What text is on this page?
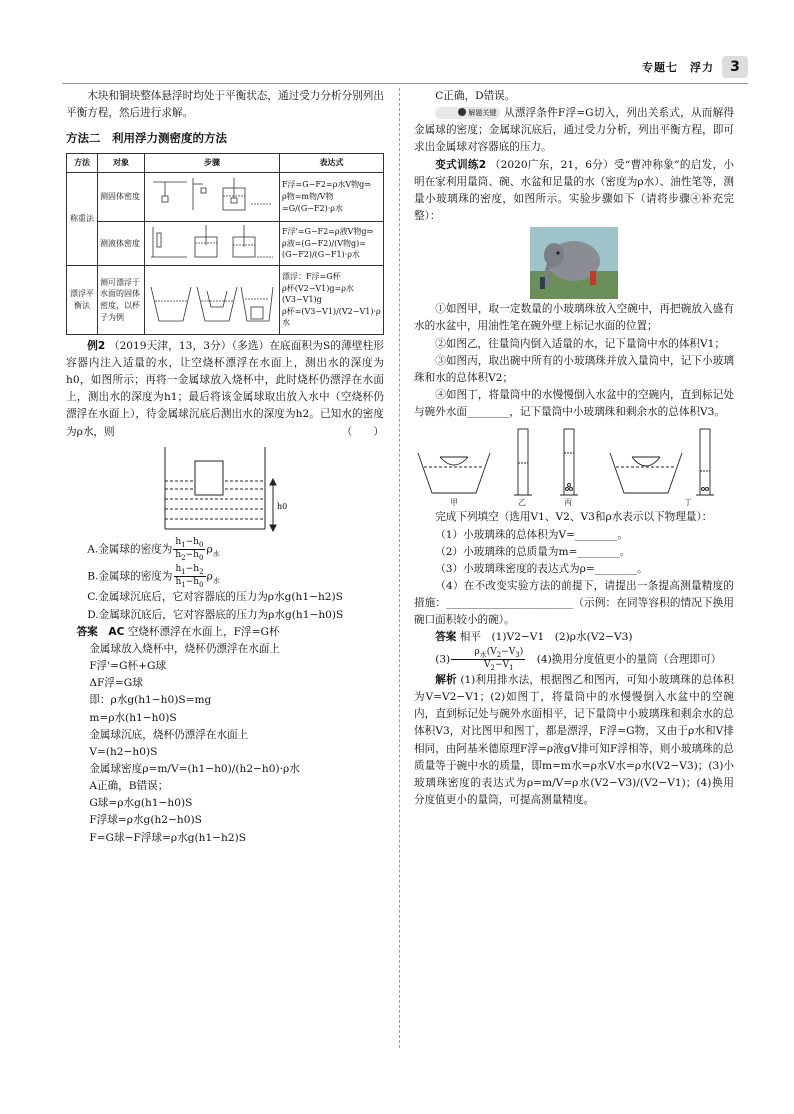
专题七　浮力	3

木块和铜块整体悬浮时均处于平衡状态，通过受力分析分别列出平衡方程，然后进行求解。

方法二　利用浮力测密度的方法
方法	对象	步骤	表达式
称重法	测固体密度		F浮=G−F2=ρ水V物g⇒
ρ物=m物/V物=G/(G−F2)·ρ水

	测液体密度		F浮'=G−F2=ρ液V物g⇒
ρ液=(G−F2)/(V物g)=(G−F2)/(G−F1)·ρ水

漂浮平衡法	测可漂浮于水面的固体密度，以杯子为例		漂浮：F浮=G杯
ρ杯(V2−V1)g=ρ水(V3−V1)g
ρ杯=(V3−V1)/(V2−V1)·ρ水

例2 （2019天津，13，3分）（多选）在底面积为S的薄壁柱形容器内注入适量的水，让空烧杯漂浮在水面上，测出水的深度为h0，如图所示；再将一金属球放入烧杯中，此时烧杯仍漂浮在水面上，测出水的深度为h1；最后将该金属球取出放入水中（空烧杯仍漂浮在水面上），待金属球沉底后测出水的深度为h2。已知水的密度为ρ水，则	（　　）

h0
A.金属球的密度为 $\frac{h_1-h_0}{h_2-h_0} \rho_水$
B.金属球的密度为 $\frac{h_1-h_2}{h_1-h_0} \rho_水$

C.金属球沉底后，它对容器底的压力为ρ水g(h1−h2)S

D.金属球沉底后，它对容器底的压力为ρ水g(h1−h0)S

答案　AC 空烧杯漂浮在水面上，F浮=G杯
金属球放入烧杯中，烧杯仍漂浮在水面上
F浮'=G杯+G球
ΔF浮=G球
即：ρ水g(h1−h0)S=mg
m=ρ水(h1−h0)S
金属球沉底，烧杯仍漂浮在水面上
V=(h2−h0)S
金属球密度ρ=m/V=(h1−h0)/(h2−h0)·ρ水
A正确，B错误；
G球=ρ水g(h1−h0)S
F浮球=ρ水g(h2−h0)S
F=G球−F浮球=ρ水g(h1−h2)S

C正确，D错误。

解题关键 从漂浮条件F浮=G切入，列出关系式，从而解得金属球的密度；金属球沉底后，通过受力分析，列出平衡方程，即可求出金属球对容器底的压力。

变式训练2 （2020广东，21，6分）受“曹冲称象”的启发，小明在家利用量筒、碗、水盆和足量的水（密度为ρ水）、油性笔等，测量小玻璃珠的密度，如图所示。实验步骤如下（请将步骤④补充完整）：

①如图甲，取一定数量的小玻璃珠放入空碗中，再把碗放入盛有水的水盆中，用油性笔在碗外壁上标记水面的位置；

②如图乙，往量筒内倒入适量的水，记下量筒中水的体积V1；

③如图丙，取出碗中所有的小玻璃珠并放入量筒中，记下小玻璃珠和水的总体积V2；

④如图丁，将量筒中的水慢慢倒入水盆中的空碗内，直到标记处与碗外水面________，记下量筒中小玻璃珠和剩余水的总体积V3。

甲	乙	丙	丁

完成下列填空（选用V1、V2、V3和ρ水表示以下物理量）：

（1）小玻璃珠的总体积为V=________。

（2）小玻璃珠的总质量为m=________。

（3）小玻璃珠密度的表达式为ρ=________。

（4）在不改变实验方法的前提下，请提出一条提高测量精度的措施：________________________（示例：在同等容积的情况下换用碗口面积较小的碗）。

答案 相平　(1)V2−V1　(2)ρ水(V2−V3)

$(3) \frac{\rho_水(V_2-V_3)}{V_2-V_1}$ 　(4)换用分度值更小的量筒（合理即可）

解析 (1)利用排水法，根据图乙和图丙，可知小玻璃珠的总体积为V=V2−V1；(2)如图丁，将量筒中的水慢慢倒入水盆中的空碗内，直到标记处与碗外水面相平，记下量筒中小玻璃珠和剩余水的总体积V3，对比图甲和图丁，都是漂浮，F浮=G物，又由于ρ水和V排相同，由阿基米德原理F浮=ρ液gV排可知F浮相等，则小玻璃珠的总质量等于碗中水的质量，即m=m水=ρ水V水=ρ水(V2−V3)；(3)小玻璃珠密度的表达式为ρ=m/V=ρ水(V2−V3)/(V2−V1)；(4)换用分度值更小的量筒，可提高测量精度。
